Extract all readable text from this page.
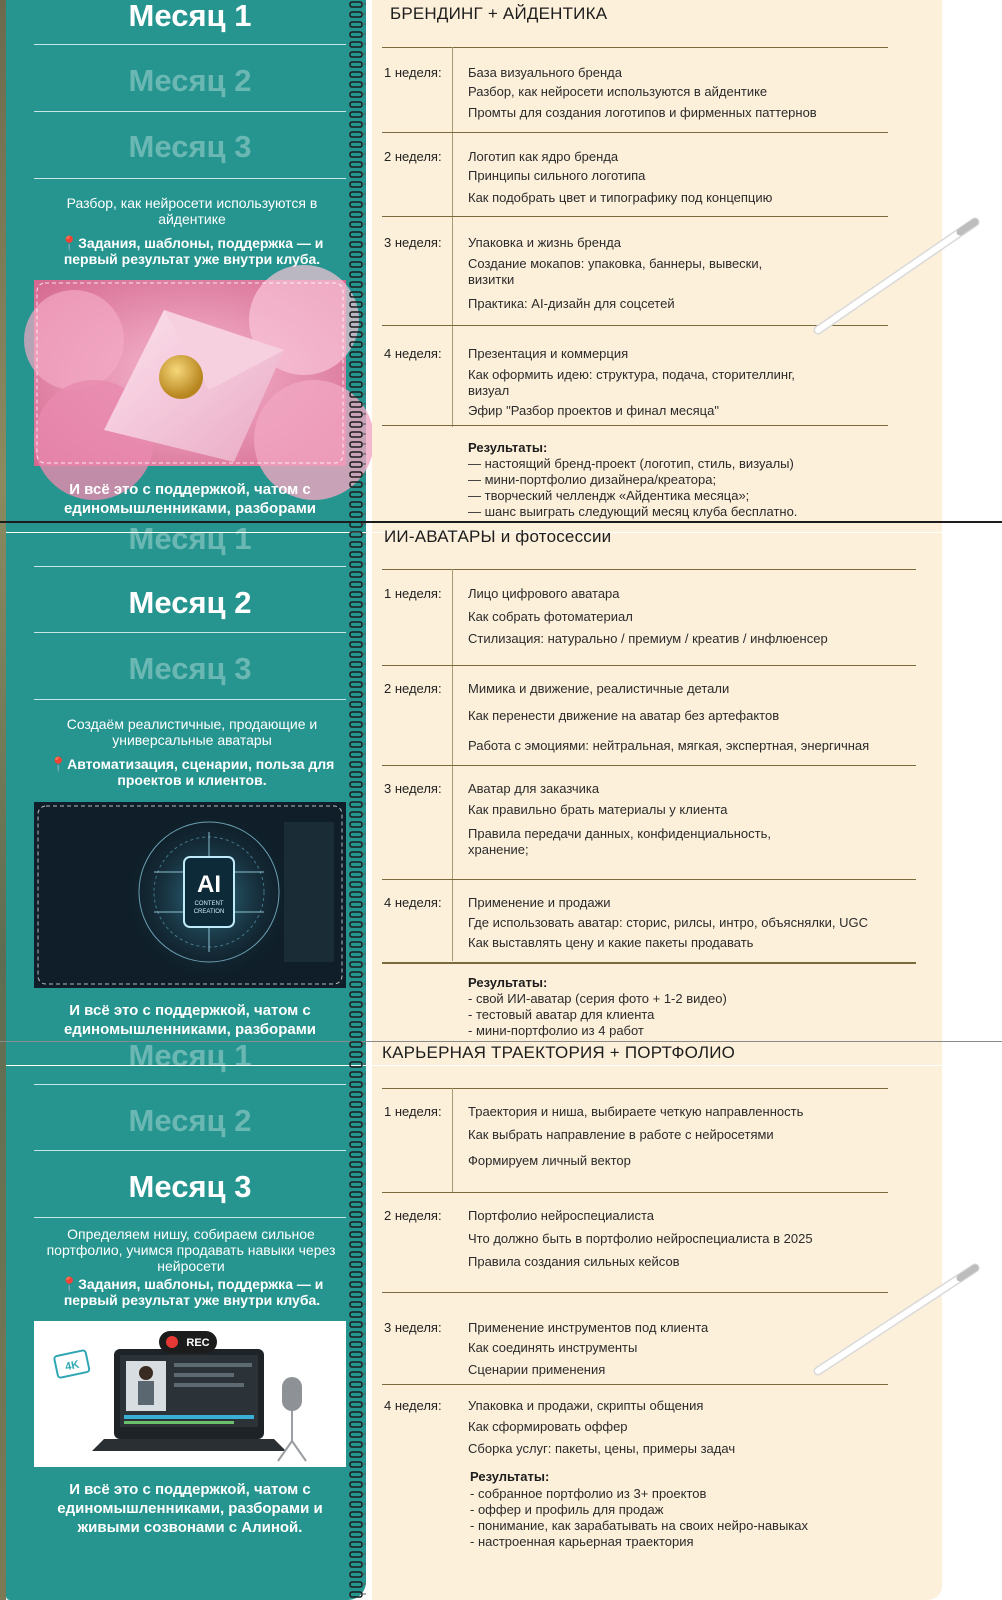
Месяц 1
Месяц 2
Месяц 3
Разбор, как нейросети используются в айдентике
📍Задания, шаблоны, поддержка — и первый результат уже внутри клуба.
И всё это с поддержкой, чатом с единомышленниками, разборами
БРЕНДИНГ + АЙДЕНТИКА
1 неделя: База визуального бренда
Разбор, как нейросети используются в айдентике
Промты для создания логотипов и фирменных паттернов
2 неделя: Логотип как ядро бренда
Принципы сильного логотипа
Как подобрать цвет и типографику под концепцию
3 неделя: Упаковка и жизнь бренда
Создание мокапов: упаковка, баннеры, вывески, визитки
Практика: AI-дизайн для соцсетей
4 неделя: Презентация и коммерция
Как оформить идею: структура, подача, сторителлинг, визуал
Эфир "Разбор проектов и финал месяца"
Результаты:
— настоящий бренд-проект (логотип, стиль, визуалы)
— мини-портфолио дизайнера/креатора;
— творческий челлендж «Айдентика месяца»;
— шанс выиграть следующий месяц клуба бесплатно.
Месяц 1
Месяц 2
Месяц 3
Создаём реалистичные, продающие и универсальные аватары
📍Автоматизация, сценарии, польза для проектов и клиентов.
AI
CONTENT
CREATION
И всё это с поддержкой, чатом с единомышленниками, разборами
ИИ-АВАТАРЫ и фотосессии
1 неделя: Лицо цифрового аватара
Как собрать фотоматериал
Стилизация: натурально / премиум / креатив / инфлюенсер
2 неделя: Мимика и движение, реалистичные детали
Как перенести движение на аватар без артефактов
Работа с эмоциями: нейтральная, мягкая, экспертная, энергичная
3 неделя: Аватар для заказчика
Как правильно брать материалы у клиента
Правила передачи данных, конфиденциальность, хранение;
4 неделя: Применение и продажи
Где использовать аватар: сторис, рилсы, интро, объяснялки, UGC
Как выставлять цену и какие пакеты продавать
Результаты:
- свой ИИ-аватар (серия фото + 1-2 видео)
- тестовый аватар для клиента
- мини-портфолио из 4 работ
Месяц 1
Месяц 2
Месяц 3
Определяем нишу, собираем сильное портфолио, учимся продавать навыки через нейросети
📍Задания, шаблоны, поддержка — и первый результат уже внутри клуба.
4K
REC
И всё это с поддержкой, чатом с единомышленниками, разборами и живыми созвонами с Алиной.
КАРЬЕРНАЯ ТРАЕКТОРИЯ + ПОРТФОЛИО
1 неделя: Траектория и ниша, выбираете четкую направленность
Как выбрать направление в работе с нейросетями
Формируем личный вектор
2 неделя: Портфолио нейроспециалиста
Что должно быть в портфолио нейроспециалиста в 2025
Правила создания сильных кейсов
3 неделя: Применение инструментов под клиента
Как соединять инструменты
Сценарии применения
4 неделя: Упаковка и продажи, скрипты общения
Как сформировать оффер
Сборка услуг: пакеты, цены, примеры задач
Результаты:
- собранное портфолио из 3+ проектов
- оффер и профиль для продаж
- понимание, как зарабатывать на своих нейро-навыках
- настроенная карьерная траектория
